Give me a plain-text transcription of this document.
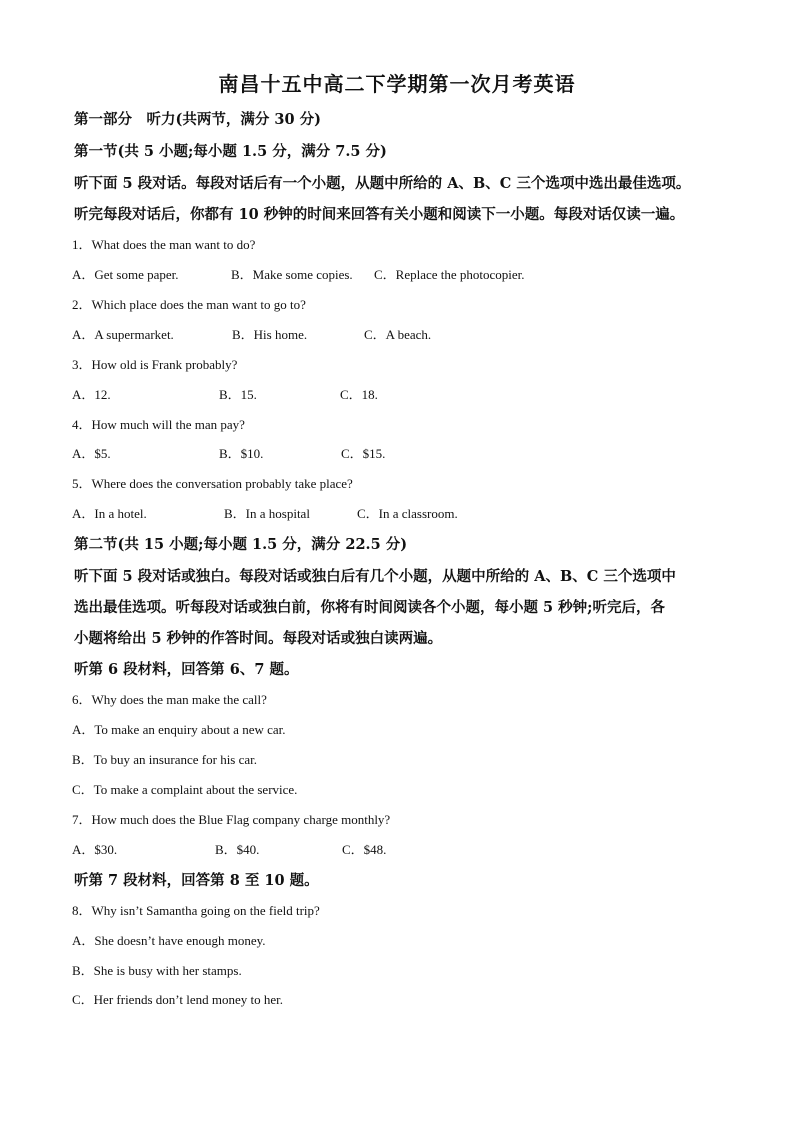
南昌十五中高二下学期第一次月考英语
第一部分　听力(共两节，满分 30 分)
第一节(共 5 小题;每小题 1.5 分，满分 7.5 分)
听下面 5 段对话。每段对话后有一个小题，从题中所给的 A、B、C 三个选项中选出最佳选项。
听完每段对话后，你都有 10 秒钟的时间来回答有关小题和阅读下一小题。每段对话仅读一遍。
1．What does the man want to do?
A．Get some paper.	B．Make some copies. C．Replace the photocopier.
2．Which place does the man want to go to?
A．A supermarket.	B．His home.	C．A beach.
3．How old is Frank probably?
A．12.	B．15.	C．18.
4．How much will the man pay?
A．$5.	B．$10.	C．$15.
5．Where does the conversation probably take place?
A．In a hotel.	B．In a hospital	C．In a classroom.
第二节(共 15 小题;每小题 1.5 分，满分 22.5 分)
听下面 5 段对话或独白。每段对话或独白后有几个小题，从题中所给的 A、B、C 三个选项中
选出最佳选项。听每段对话或独白前，你将有时间阅读各个小题，每小题 5 秒钟;听完后，各
小题将给出 5 秒钟的作答时间。每段对话或独白读两遍。
听第 6 段材料，回答第 6、7 题。
6．Why does the man make the call?
A．To make an enquiry about a new car.
B．To buy an insurance for his car.
C．To make a complaint about the service.
7．How much does the Blue Flag company charge monthly?
A．$30.	B．$40.	C．$48.
听第 7 段材料，回答第 8 至 10 题。
8．Why isn’t Samantha going on the field trip?
A．She doesn’t have enough money.
B．She is busy with her stamps.
C．Her friends don’t lend money to her.
